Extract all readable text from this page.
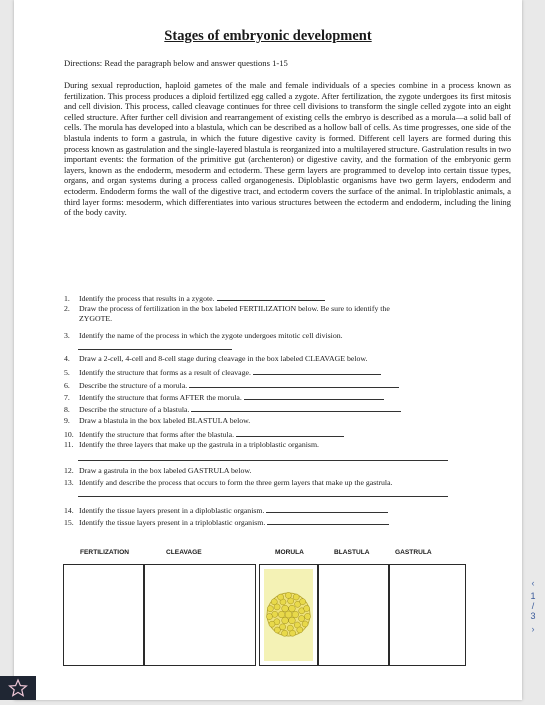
Stages of embryonic development
Directions: Read the paragraph below and answer questions 1-15

During sexual reproduction, haploid gametes of the male and female individuals of a species combine in a process known as fertilization. This process produces a diploid fertilized egg called a zygote. After fertilization, the zygote undergoes its first mitosis and cell division. This process, called cleavage continues for three cell divisions to transform the single celled zygote into an eight celled structure. After further cell division and rearrangement of existing cells the embryo is described as a morula—a solid ball of cells. The morula has developed into a blastula, which can be described as a hollow ball of cells. As time progresses, one side of the blastula indents to form a gastrula, in which the future digestive cavity is formed. Different cell layers are formed during this process known as gastrulation and the single-layered blastula is reorganized into a multilayered structure. Gastrulation results in two important events: the formation of the primitive gut (archenteron) or digestive cavity, and the formation of the embryonic germ layers, known as the endoderm, mesoderm and ectoderm. These germ layers are programmed to develop into certain tissue types, organs, and organ systems during a process called organogenesis. Diploblastic organisms have two germ layers, endoderm and ectoderm. Endoderm forms the wall of the digestive tract, and ectoderm covers the surface of the animal. In triploblastic animals, a third layer forms: mesoderm, which differentiates into various structures between the ectoderm and endoderm, including the lining of the body cavity.

1.	Identify the process that results in a zygote.
2. Draw the process of fertilization in the box labeled FERTILIZATION below. Be sure to identify the
ZYGOTE.
3.	Identify the name of the process in which the zygote undergoes mitotic cell division.
4.	Draw a 2-cell, 4-cell and 8-cell stage during cleavage in the box labeled CLEAVAGE below.
5.	Identify the structure that forms as a result of cleavage.
6.	Describe the structure of a morula.
7.	Identify the structure that forms AFTER the morula.
8.	Describe the structure of a blastula.
9.	Draw a blastula in the box labeled BLASTULA below.
10. Identify the structure that forms after the blastula.
11. Identify the three layers that make up the gastrula in a triploblastic organism.
12. Draw a gastrula in the box labeled GASTRULA below.
13. Identify and describe the process that occurs to form the three germ layers that make up the gastrula.
14. Identify the tissue layers present in a diploblastic organism.
15. Identify the tissue layers present in a triploblastic organism.
FERTILIZATION	CLEAVAGE	MORULA	BLASTULA	GASTRULA
‹
1
/
3
›
